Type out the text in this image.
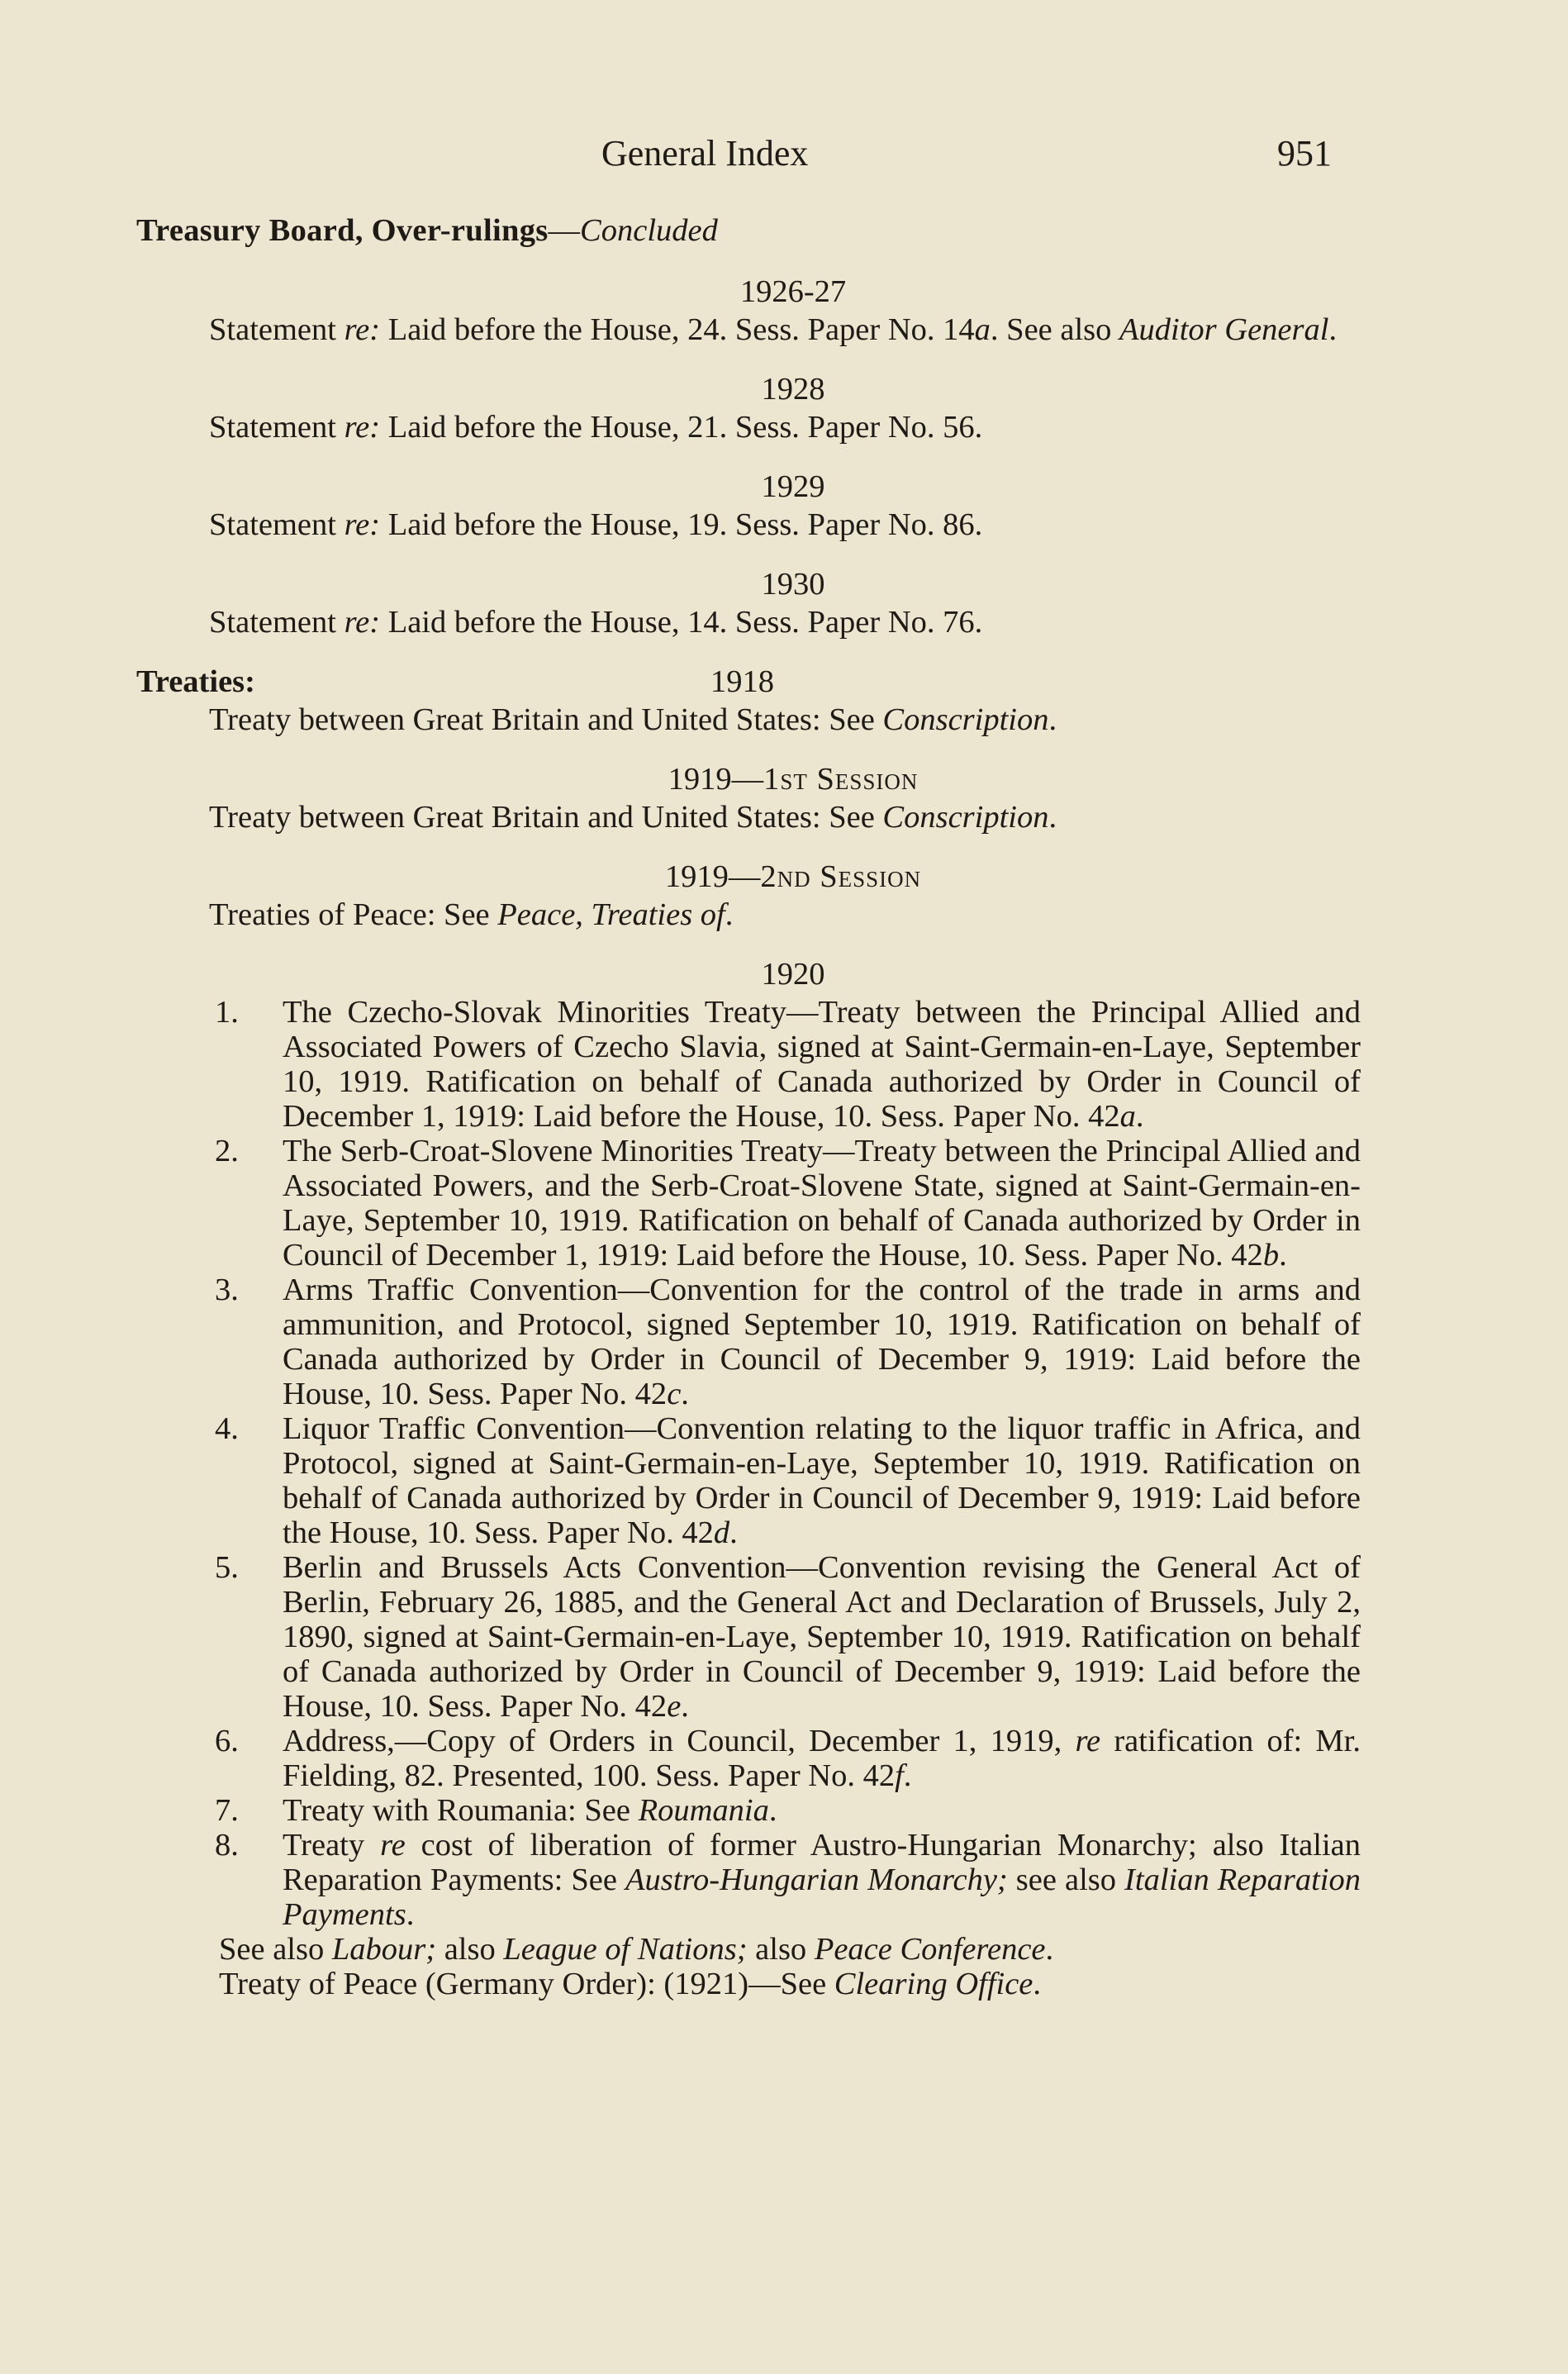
General Index	951

Treasury Board, Over-rulings—Concluded

1926-27

Statement re: Laid before the House, 24. Sess. Paper No. 14a. See also Auditor General.

1928

Statement re: Laid before the House, 21. Sess. Paper No. 56.

1929

Statement re: Laid before the House, 19. Sess. Paper No. 86.

1930

Statement re: Laid before the House, 14. Sess. Paper No. 76.

Treaties:	1918

Treaty between Great Britain and United States: See Conscription.

1919—1st Session

Treaty between Great Britain and United States: See Conscription.

1919—2nd Session

Treaties of Peace: See Peace, Treaties of.

1920
1. The Czecho-Slovak Minorities Treaty—Treaty between the Principal Allied and Associated Powers of Czecho Slavia, signed at Saint-Germain-en-Laye, September 10, 1919. Ratification on behalf of Canada authorized by Order in Council of December 1, 1919: Laid before the House, 10. Sess. Paper No. 42a.
2. The Serb-Croat-Slovene Minorities Treaty—Treaty between the Principal Allied and Associated Powers, and the Serb-Croat-Slovene State, signed at Saint-Germain-en-Laye, September 10, 1919. Ratification on behalf of Canada authorized by Order in Council of December 1, 1919: Laid before the House, 10. Sess. Paper No. 42b.
3. Arms Traffic Convention—Convention for the control of the trade in arms and ammunition, and Protocol, signed September 10, 1919. Ratification on behalf of Canada authorized by Order in Council of December 9, 1919: Laid before the House, 10. Sess. Paper No. 42c.
4. Liquor Traffic Convention—Convention relating to the liquor traffic in Africa, and Protocol, signed at Saint-Germain-en-Laye, September 10, 1919. Ratification on behalf of Canada authorized by Order in Council of December 9, 1919: Laid before the House, 10. Sess. Paper No. 42d.
5. Berlin and Brussels Acts Convention—Convention revising the General Act of Berlin, February 26, 1885, and the General Act and Declaration of Brussels, July 2, 1890, signed at Saint-Germain-en-Laye, September 10, 1919. Ratification on behalf of Canada authorized by Order in Council of December 9, 1919: Laid before the House, 10. Sess. Paper No. 42e.
6. Address,—Copy of Orders in Council, December 1, 1919, re ratification of: Mr. Fielding, 82. Presented, 100. Sess. Paper No. 42f.
7. Treaty with Roumania: See Roumania.
8. Treaty re cost of liberation of former Austro-Hungarian Monarchy; also Italian Reparation Payments: See Austro-Hungarian Monarchy; see also Italian Reparation Payments.

See also Labour; also League of Nations; also Peace Conference.

Treaty of Peace (Germany Order): (1921)—See Clearing Office.
